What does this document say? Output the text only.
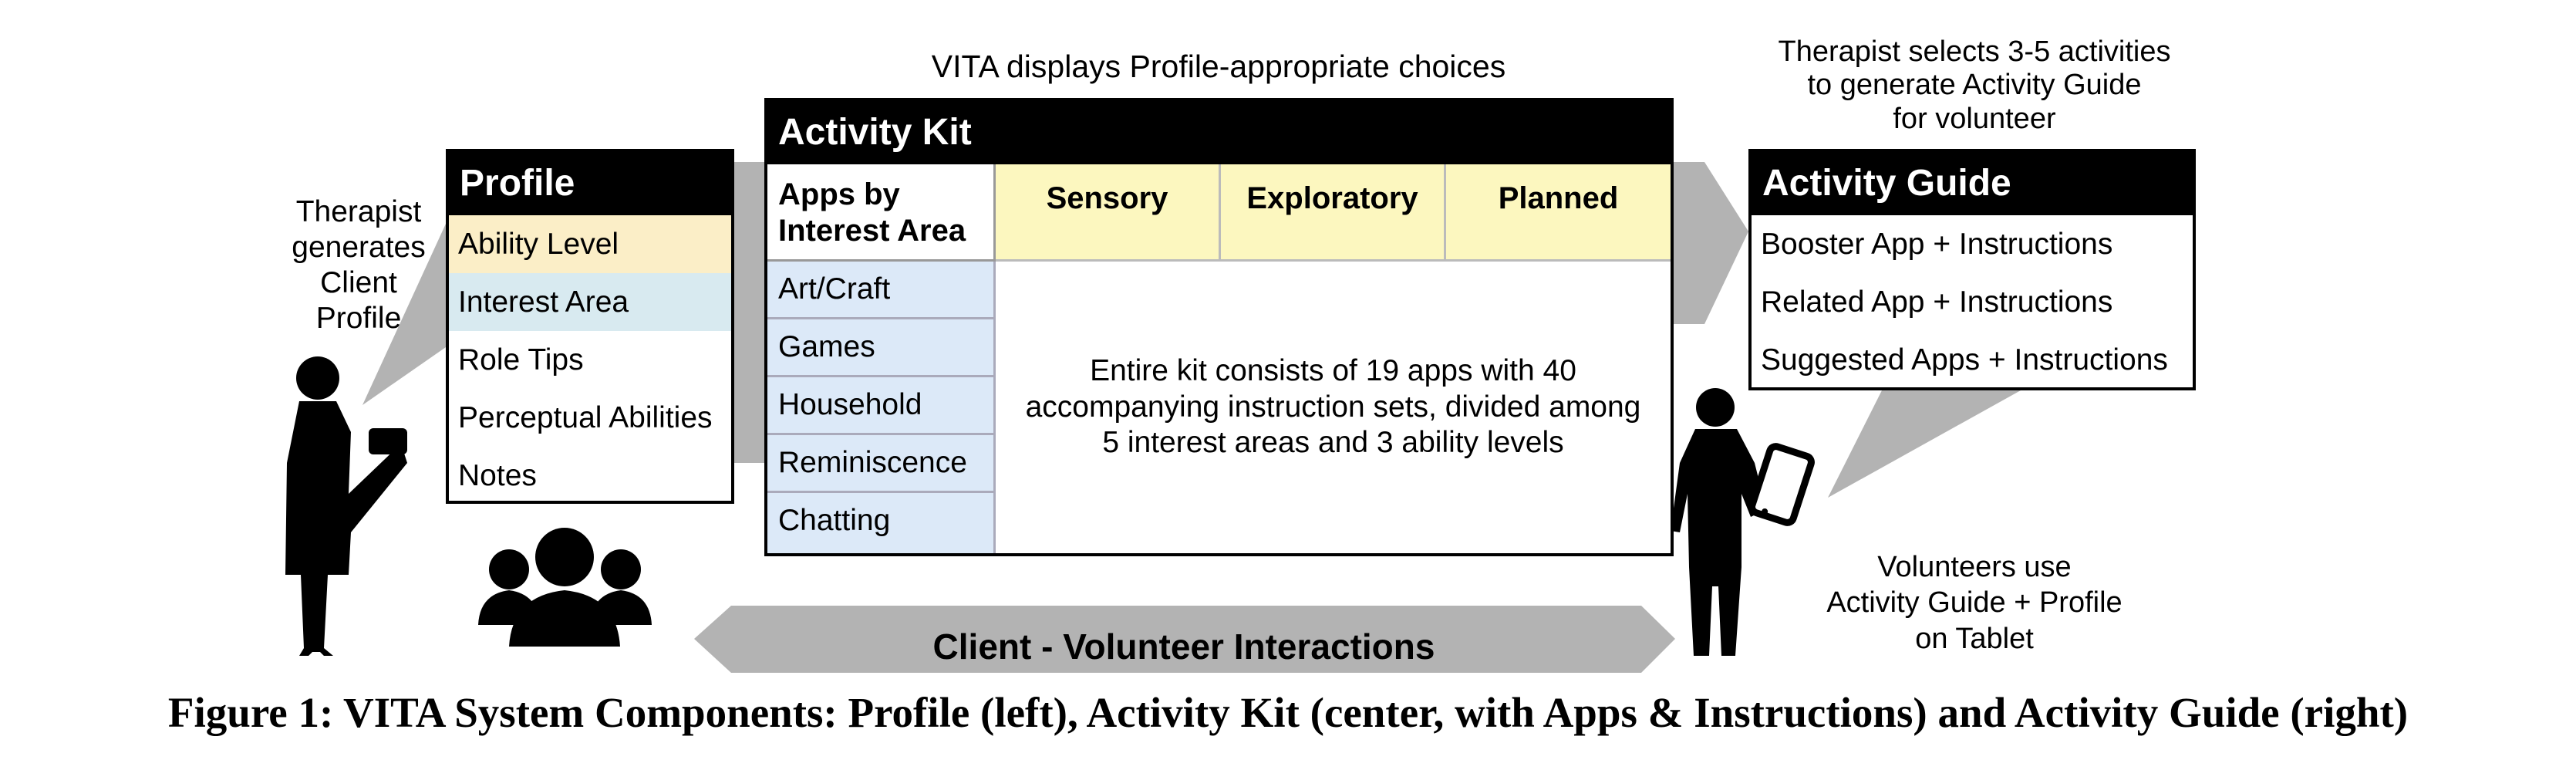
VITA displays Profile-appropriate choices
Therapist
generates
Client
Profile
Therapist selects 3-5 activities
to generate Activity Guide
for volunteer
Volunteers use
Activity Guide + Profile
on Tablet
Profile
Ability Level
Interest Area
Role Tips
Perceptual Abilities
Notes
Activity Kit
Apps by
Interest Area
Sensory	Exploratory	Planned
Art/Craft
Games
Household
Reminiscence
Chatting
Entire kit consists of 19 apps with 40
accompanying instruction sets, divided among
5 interest areas and 3 ability levels
Activity Guide
Booster App + Instructions
Related App + Instructions
Suggested Apps + Instructions
Client - Volunteer Interactions
Figure 1: VITA System Components: Profile (left), Activity Kit (center, with Apps & Instructions) and Activity Guide (right)
